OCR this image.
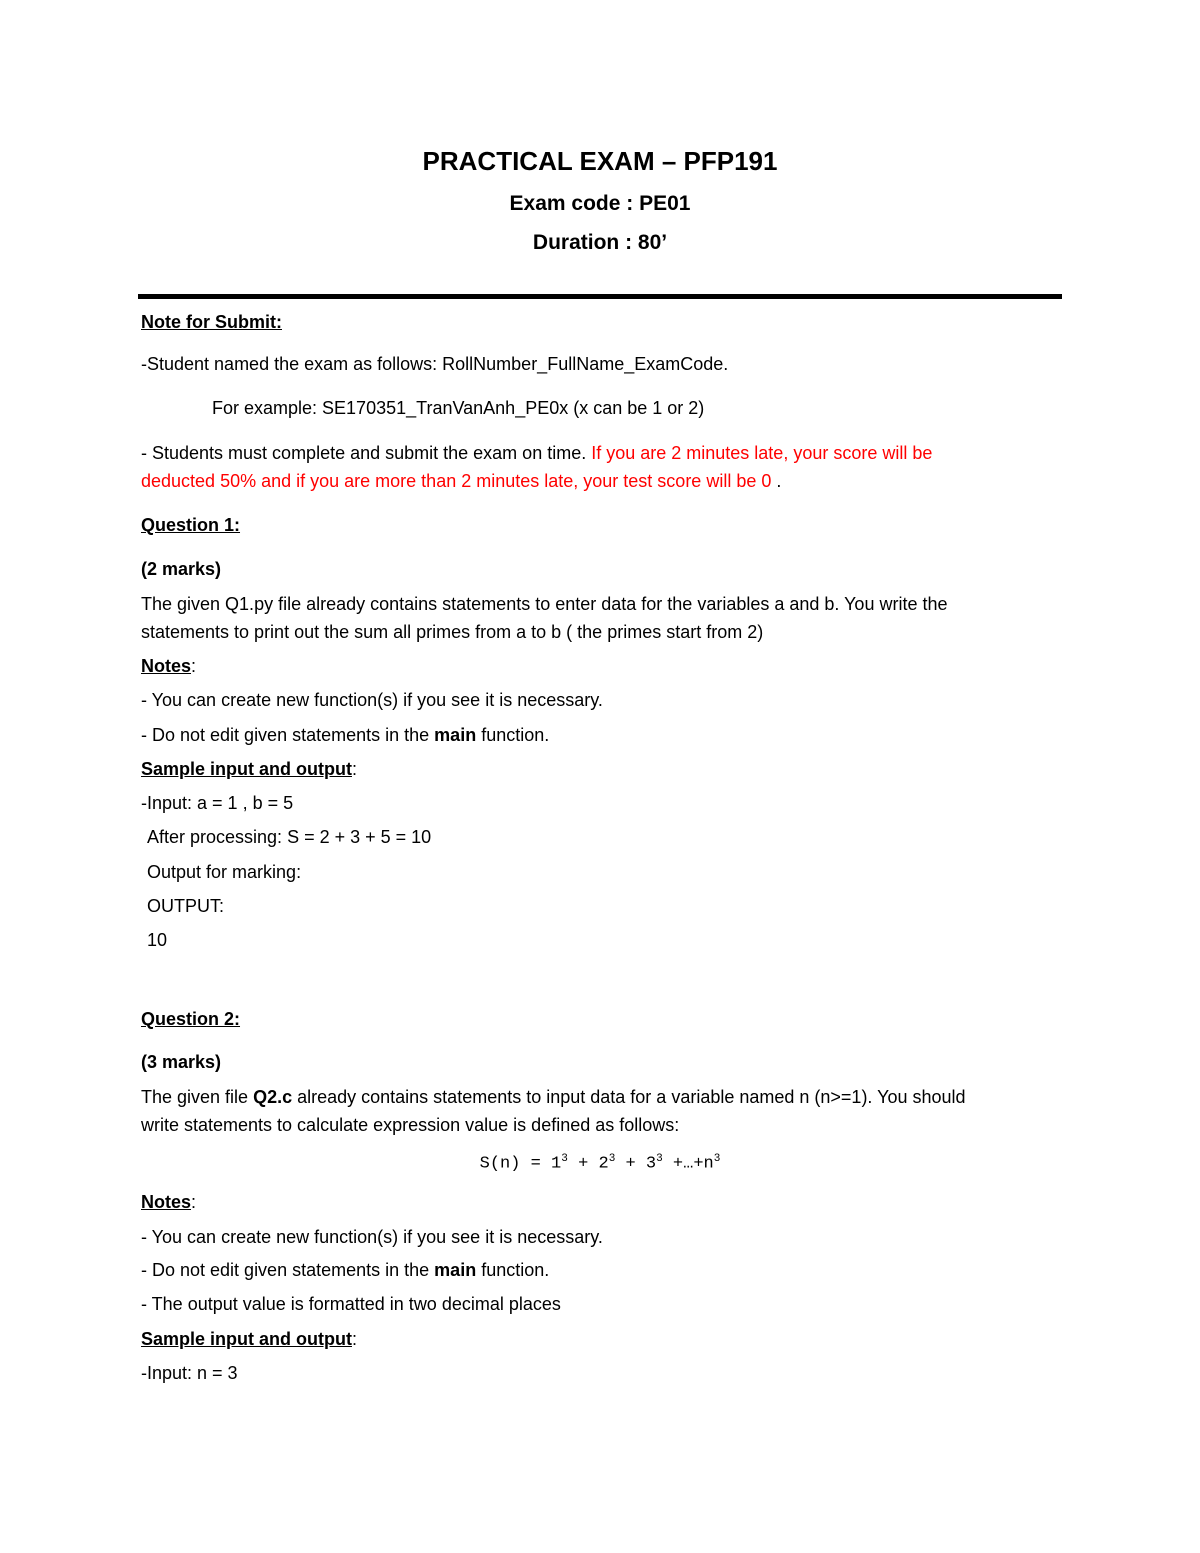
PRACTICAL EXAM – PFP191
Exam code : PE01
Duration : 80’
Note for Submit:
-Student named the exam as follows: RollNumber_FullName_ExamCode.
For example: SE170351_TranVanAnh_PE0x (x can be 1 or 2)
- Students must complete and submit the exam on time. If you are 2 minutes late, your score will be
deducted 50% and if you are more than 2 minutes late, your test score will be 0 .
Question 1:
(2 marks)
The given Q1.py file already contains statements to enter data for the variables a and b. You write the
statements to print out the sum all primes from a to b ( the primes start from 2)
Notes:
- You can create new function(s) if you see it is necessary.
- Do not edit given statements in the main function.
Sample input and output:
-Input: a = 1 , b = 5
After processing: S = 2 + 3 + 5 = 10
Output for marking:
OUTPUT:
10
Question 2:
(3 marks)
The given file Q2.c already contains statements to input data for a variable named n (n>=1). You should
write statements to calculate expression value is defined as follows:
$S(n) = 1^3 + 2^3 + 3^3$ $+\dots+n^3$
Notes:
- You can create new function(s) if you see it is necessary.
- Do not edit given statements in the main function.
- The output value is formatted in two decimal places
Sample input and output:
-Input: n = 3
